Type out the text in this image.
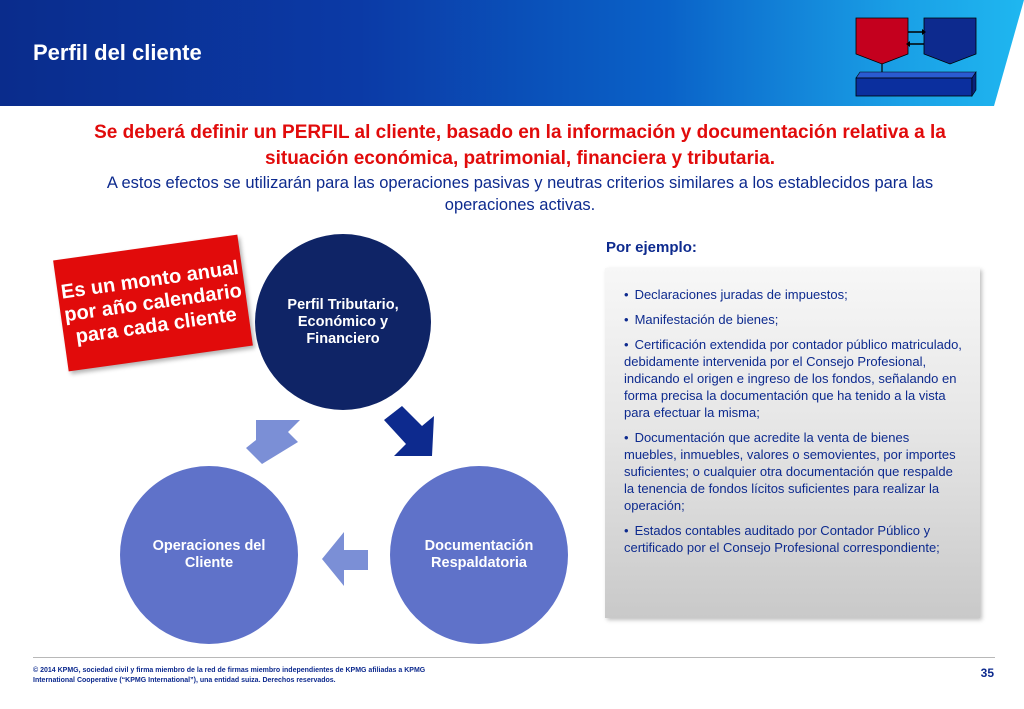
Perfil del cliente
Se deberá definir un PERFIL al cliente, basado en la información y documentación relativa a la situación económica, patrimonial, financiera y tributaria.
A estos efectos se utilizarán para las operaciones pasivas y neutras criterios similares a los establecidos para las operaciones activas.
Perfil Tributario, Económico y Financiero
Documentación Respaldatoria
Operaciones del Cliente
Es un monto anual por año calendario para cada cliente
Por ejemplo:
• Declaraciones juradas de impuestos;
• Manifestación de bienes;
• Certificación extendida por contador público matriculado, debidamente intervenida por el Consejo Profesional, indicando el origen e ingreso de los fondos, señalando en forma precisa la documentación que ha tenido a la vista para efectuar la misma;
• Documentación que acredite la venta de bienes muebles, inmuebles, valores o semovientes, por importes suficientes; o cualquier otra documentación que respalde la tenencia de fondos lícitos suficientes para realizar la operación;
• Estados contables auditado por Contador Público y certificado por el Consejo Profesional correspondiente;
© 2014 KPMG, sociedad civil y firma miembro de la red de firmas miembro independientes de KPMG afiliadas a KPMG International Cooperative (“KPMG International”), una entidad suiza. Derechos reservados.
35
